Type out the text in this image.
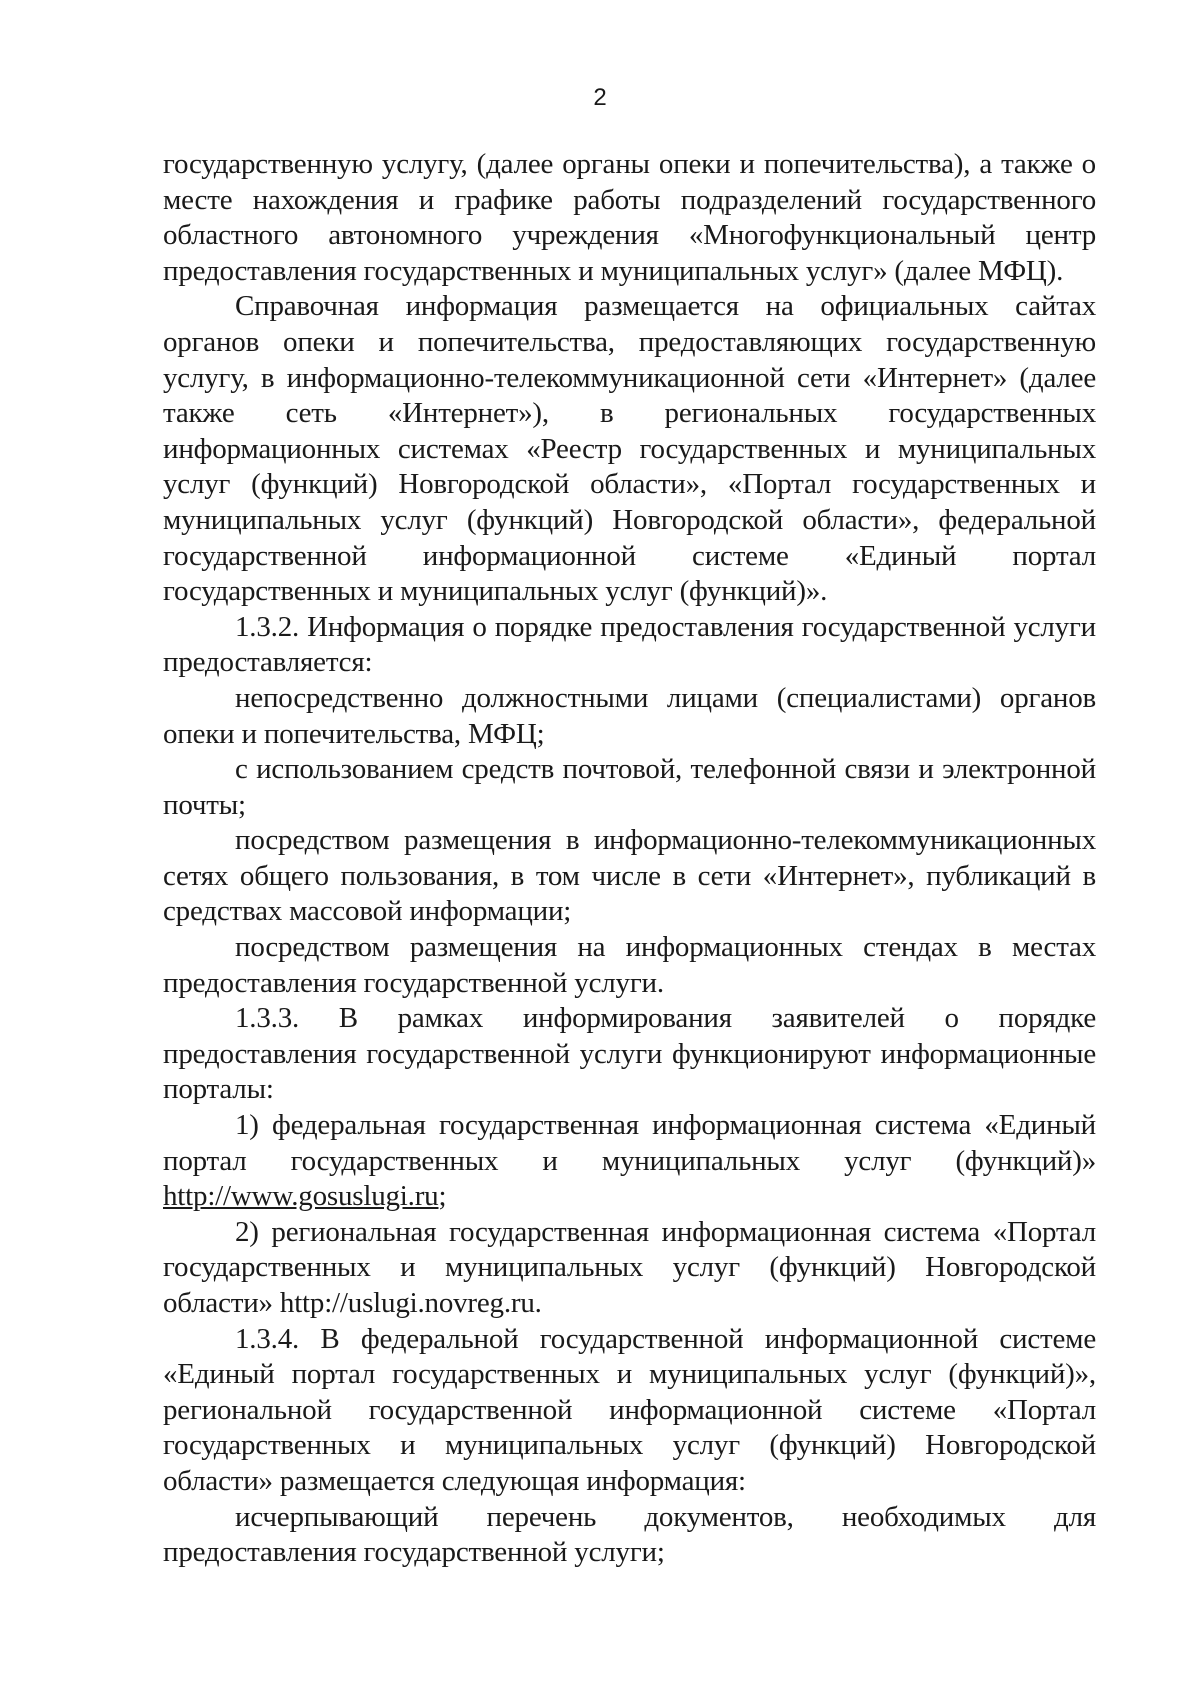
2

государственную услугу, (далее органы опеки и попечительства), а также о месте нахождения и графике работы подразделений государственного областного автономного учреждения «Многофункциональный центр предоставления государственных и муниципальных услуг» (далее МФЦ).

Справочная информация размещается на официальных сайтах органов опеки и попечительства, предоставляющих государственную услугу, в информационно-телекоммуникационной сети «Интернет» (далее также сеть «Интернет»), в региональных государственных информационных системах «Реестр государственных и муниципальных услуг (функций) Новгородской области», «Портал государственных и муниципальных услуг (функций) Новгородской области», федеральной государственной информационной системе «Единый портал государственных и муниципальных услуг (функций)».

1.3.2. Информация о порядке предоставления государственной услуги предоставляется:

непосредственно должностными лицами (специалистами) органов опеки и попечительства, МФЦ;

с использованием средств почтовой, телефонной связи и электронной почты;

посредством размещения в информационно-телекоммуникационных сетях общего пользования, в том числе в сети «Интернет», публикаций в средствах массовой информации;

посредством размещения на информационных стендах в местах предоставления государственной услуги.

1.3.3. В рамках информирования заявителей о порядке предоставления государственной услуги функционируют информационные порталы:

1) федеральная государственная информационная система «Единый портал государственных и муниципальных услуг (функций)» http://www.gosuslugi.ru;

2) региональная государственная информационная система «Портал государственных и муниципальных услуг (функций) Новгородской области» http://uslugi.novreg.ru.

1.3.4. В федеральной государственной информационной системе «Единый портал государственных и муниципальных услуг (функций)», региональной государственной информационной системе «Портал государственных и муниципальных услуг (функций) Новгородской области» размещается следующая информация:

исчерпывающий перечень документов, необходимых для предоставления государственной услуги;
